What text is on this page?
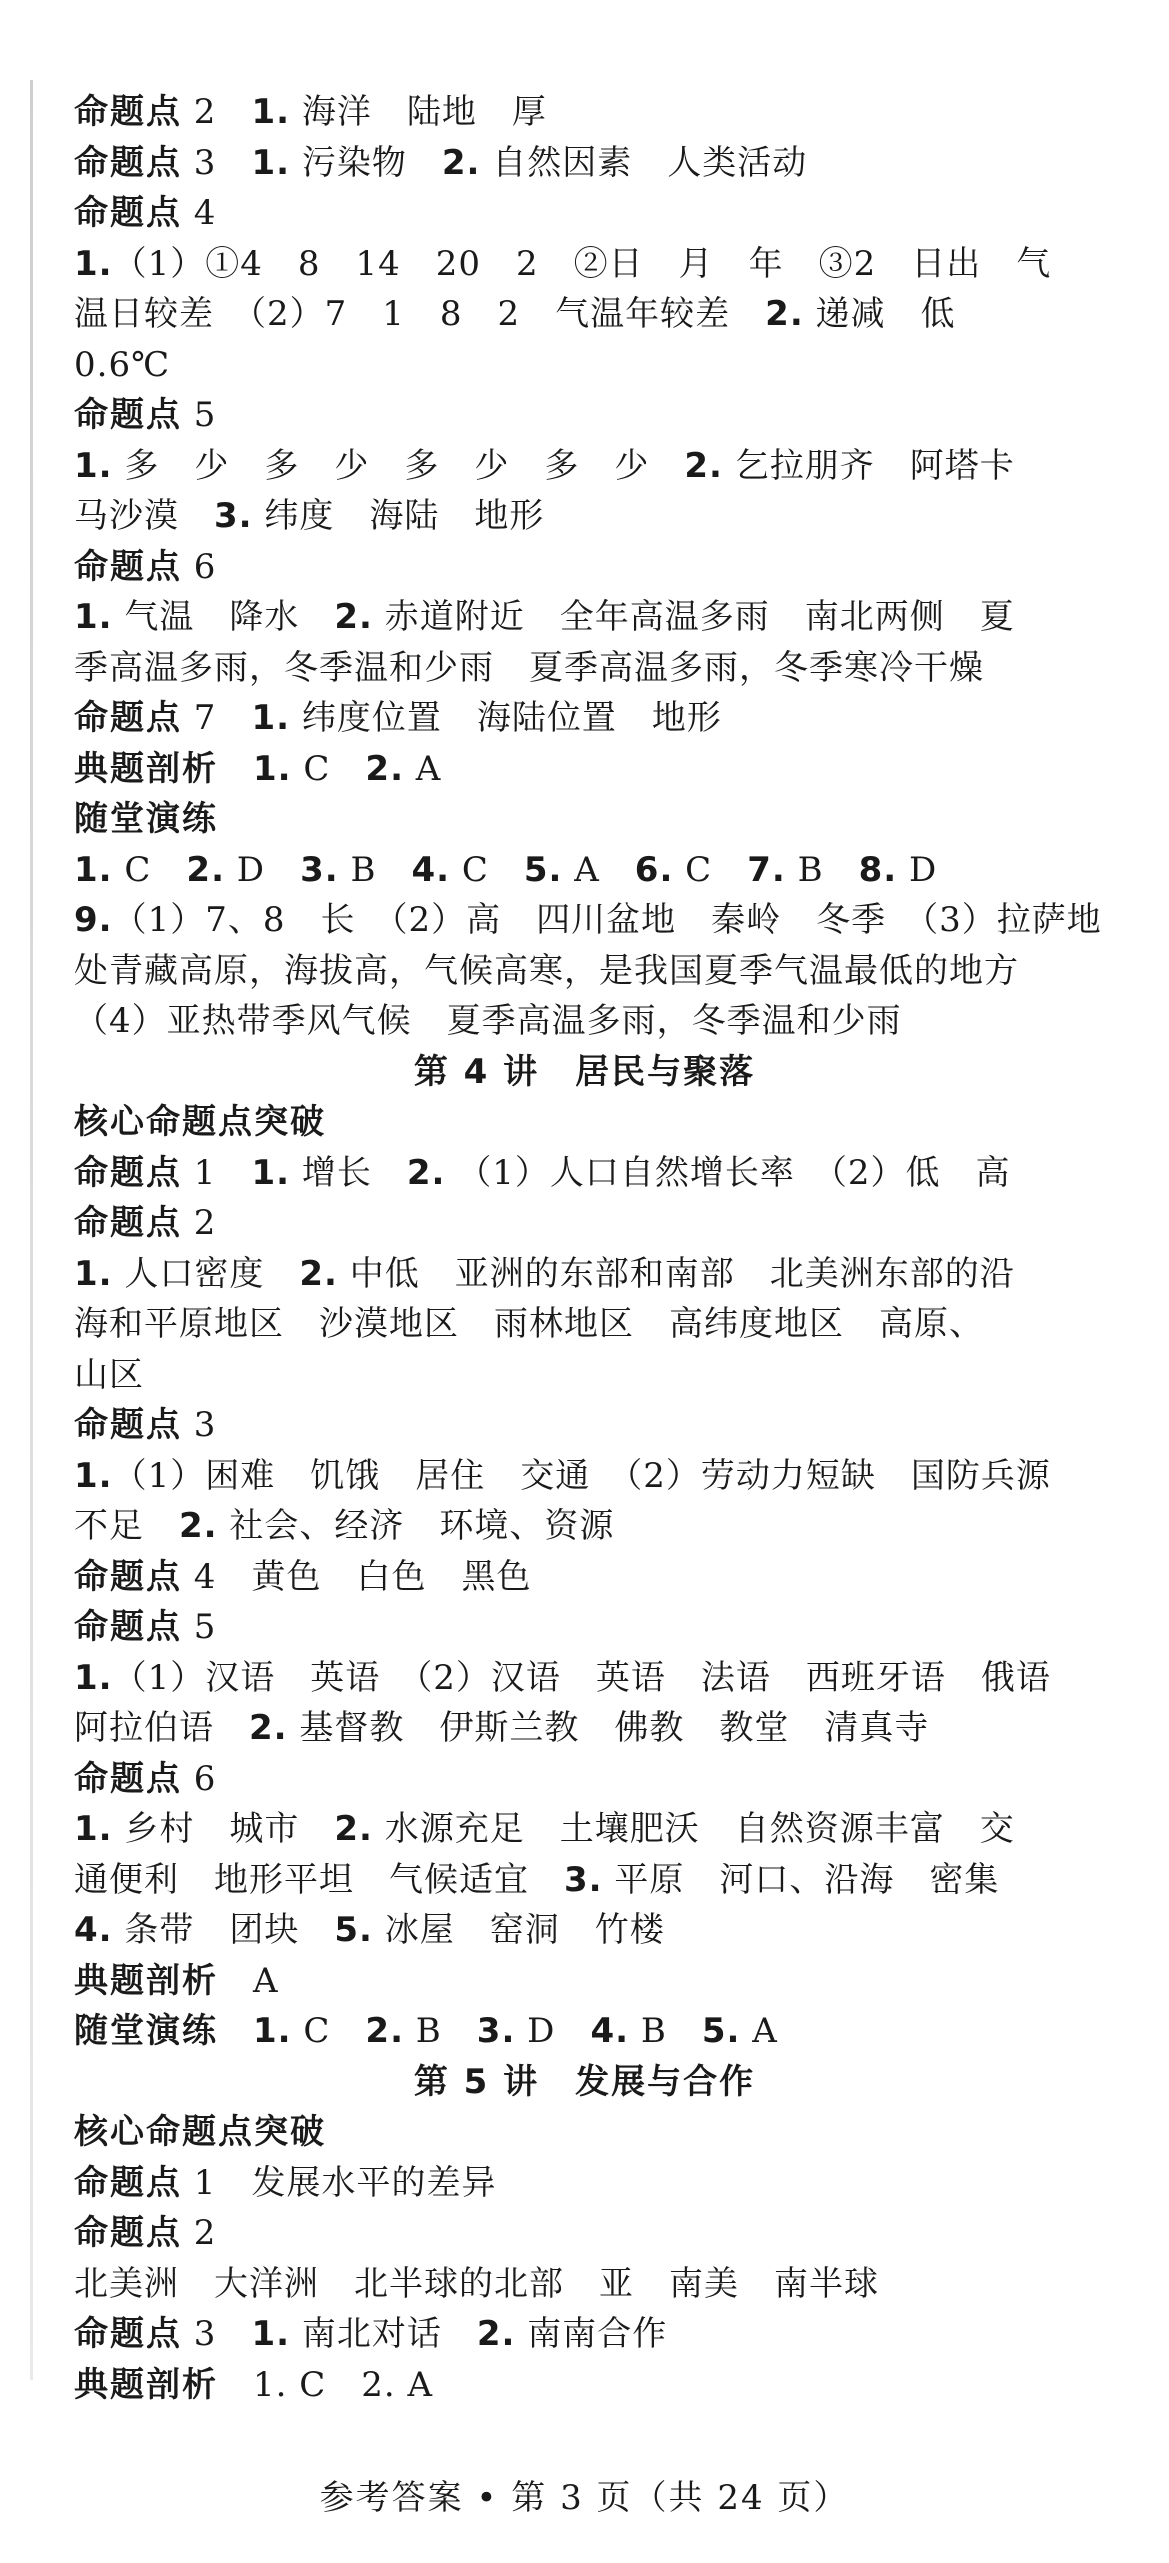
命题点 2　1. 海洋　陆地　厚
命题点 3　1. 污染物　2. 自然因素　人类活动
命题点 4
1.（1）①4　8　14　20　2　②日　月　年　③2　日出　气
温日较差　（2）7　1　8　2　气温年较差　2. 递减　低
0.6℃
命题点 5
1. 多　少　多　少　多　少　多　少　2. 乞拉朋齐　阿塔卡
马沙漠　3. 纬度　海陆　地形
命题点 6
1. 气温　降水　2. 赤道附近　全年高温多雨　南北两侧　夏
季高温多雨，冬季温和少雨　夏季高温多雨，冬季寒冷干燥
命题点 7　1. 纬度位置　海陆位置　地形
典题剖析　 1. C　2. A
随堂演练
1. C　2. D　3. B　4. C　5. A　6. C　7. B　8. D
9.（1）7、8　长　（2）高　四川盆地　秦岭　冬季　（3）拉萨地
处青藏高原，海拔高，气候高寒，是我国夏季气温最低的地方
（4）亚热带季风气候　夏季高温多雨，冬季温和少雨
第 4 讲　居民与聚落
核心命题点突破
命题点 1　1. 增长　2. （1）人口自然增长率　（2）低　高
命题点 2
1. 人口密度　2. 中低　亚洲的东部和南部　北美洲东部的沿
海和平原地区　沙漠地区　雨林地区　高纬度地区　高原、
山区
命题点 3
1.（1）困难　饥饿　居住　交通　（2）劳动力短缺　国防兵源
不足　2. 社会、经济　环境、资源
命题点 4　黄色　白色　黑色
命题点 5
1.（1）汉语　英语　（2）汉语　英语　法语　西班牙语　俄语
阿拉伯语　2. 基督教　伊斯兰教　佛教　教堂　清真寺
命题点 6
1. 乡村　城市　2. 水源充足　土壤肥沃　自然资源丰富　交
通便利　地形平坦　气候适宜　3. 平原　河口、沿海　密集
4. 条带　团块　5. 冰屋　窑洞　竹楼
典题剖析　A
随堂演练　 1. C　2. B　3. D　4. B　5. A
第 5 讲　发展与合作
核心命题点突破
命题点 1　发展水平的差异
命题点 2
北美洲　大洋洲　北半球的北部　亚　南美　南半球
命题点 3　1. 南北对话　2. 南南合作
典题剖析　1. C　2. A
参考答案 • 第 3 页（共 24 页）
